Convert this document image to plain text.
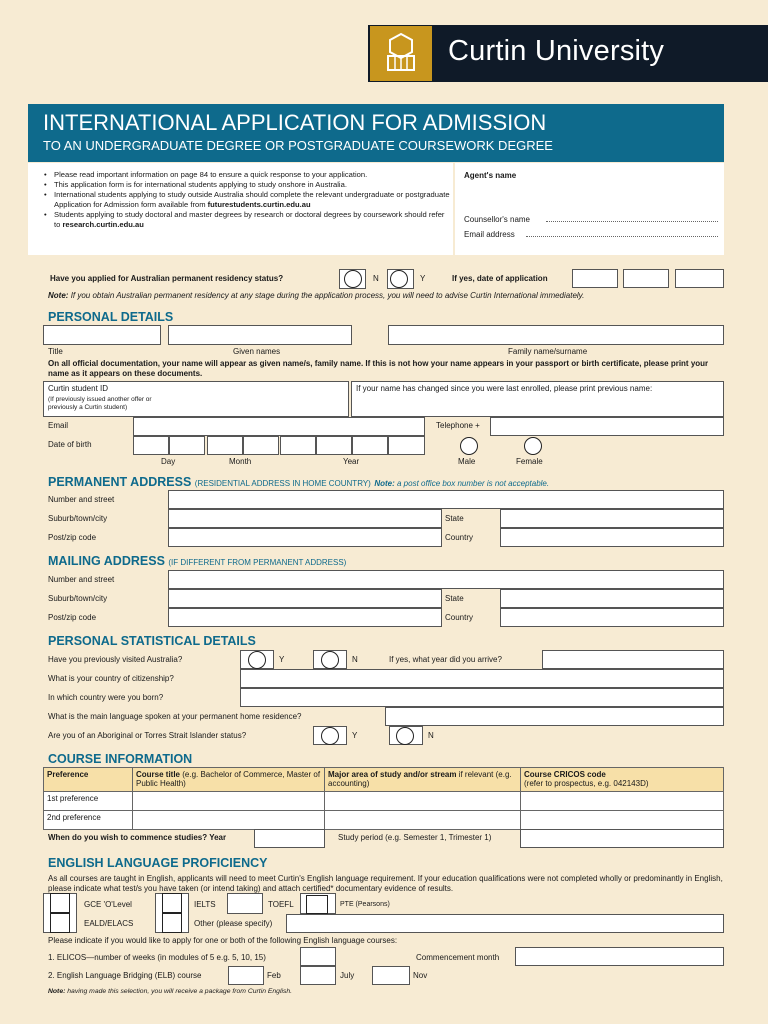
Curtin University
INTERNATIONAL APPLICATION FOR ADMISSION
TO AN UNDERGRADUATE DEGREE OR POSTGRADUATE COURSEWORK DEGREE
• Please read important information on page 84 to ensure a quick response to your application.
• This application form is for international students applying to study onshore in Australia.
• International students applying to study outside Australia should complete the relevant undergraduate or postgraduate Application for Admission form available from futurestudents.curtin.edu.au
• Students applying to study doctoral and master degrees by research or doctoral degrees by coursework should refer to research.curtin.edu.au
Agent's name
Counsellor's name
Email address
Have you applied for Australian permanent residency status?	N	Y	If yes, date of application
Note: If you obtain Australian permanent residency at any stage during the application process, you will need to advise Curtin International immediately.
PERSONAL DETAILS
Title	Given names	Family name/surname
On all official documentation, your name will appear as given name/s, family name. If this is not how your name appears in your passport or birth certificate, please print your name as it appears on these documents.
Curtin student ID
(If previously issued another offer or previously a Curtin student)
If your name has changed since you were last enrolled, please print previous name:
Email	Telephone +
Date of birth
Day	Month	Year	Male	Female
PERMANENT ADDRESS (RESIDENTIAL ADDRESS IN HOME COUNTRY) Note: a post office box number is not acceptable.
Number and street
Suburb/town/city	State
Post/zip code	Country
MAILING ADDRESS (IF DIFFERENT FROM PERMANENT ADDRESS)
Number and street
Suburb/town/city	State
Post/zip code	Country
PERSONAL STATISTICAL DETAILS
Have you previously visited Australia?	Y	N	If yes, what year did you arrive?
What is your country of citizenship?
In which country were you born?
What is the main language spoken at your permanent home residence?
Are you of an Aboriginal or Torres Strait Islander status?	Y	N
COURSE INFORMATION
Preference	Course title (e.g. Bachelor of Commerce, Master of Public Health)	Major area of study and/or stream if relevant (e.g. accounting)	Course CRICOS code
(refer to prospectus, e.g. 042143D)
1st preference			
2nd preference			
When do you wish to commence studies? Year	Study period (e.g. Semester 1, Trimester 1)
ENGLISH LANGUAGE PROFICIENCY
As all courses are taught in English, applicants will need to meet Curtin's English language requirement. If your education qualifications were not completed wholly or predominantly in English, please indicate what test/s you have taken (or intend taking) and attach certified* documentary evidence of results.
GCE 'O'Level
EALD/ELACS
IELTS
Other (please specify)
TOEFL	PTE (Pearsons)
Please indicate if you would like to apply for one or both of the following English language courses:
1. ELICOS—number of weeks (in modules of 5 e.g. 5, 10, 15)	Commencement month
2. English Language Bridging (ELB) course	Feb	July	Nov
Note: having made this selection, you will receive a package from Curtin English.
